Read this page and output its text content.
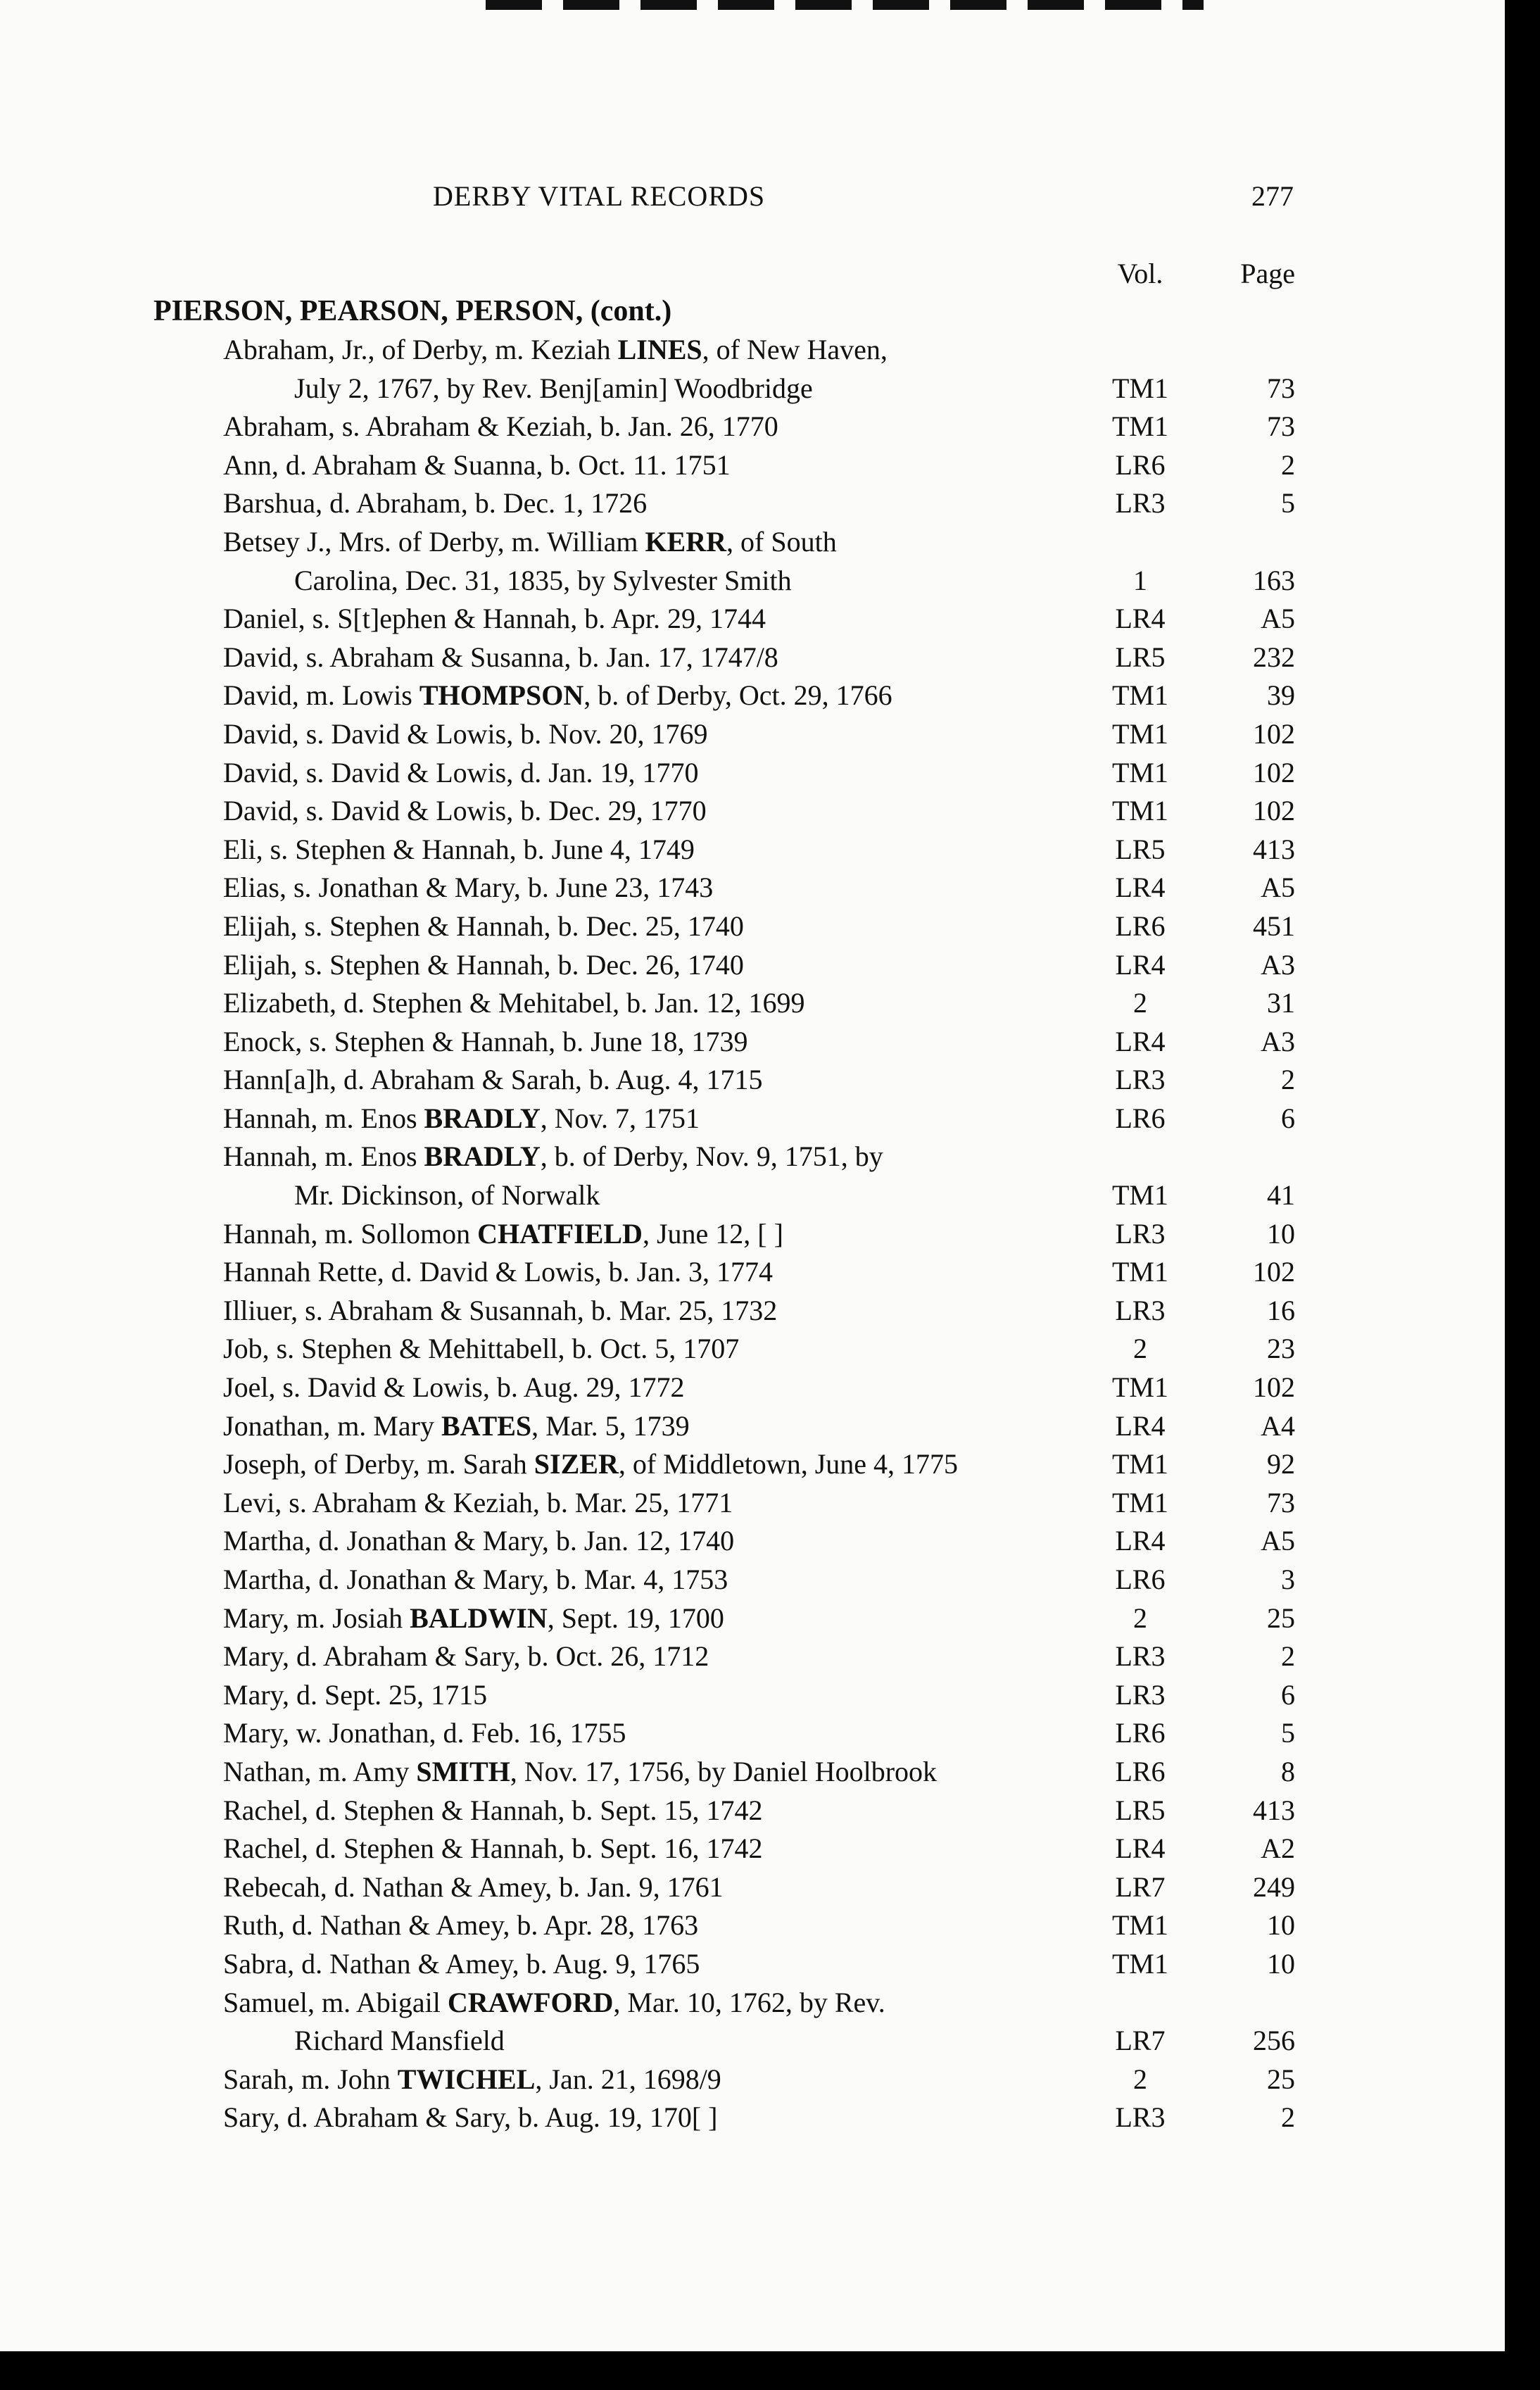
DERBY VITAL RECORDS	277
Vol.	Page
PIERSON, PEARSON, PERSON, (cont.)
Abraham, Jr., of Derby, m. Keziah LINES, of New Haven,
July 2, 1767, by Rev. Benj[amin] Woodbridge	TM1	73
Abraham, s. Abraham & Keziah, b. Jan. 26, 1770	TM1	73
Ann, d. Abraham & Suanna, b. Oct. 11. 1751	LR6	2
Barshua, d. Abraham, b. Dec. 1, 1726	LR3	5
Betsey J., Mrs. of Derby, m. William KERR, of South
Carolina, Dec. 31, 1835, by Sylvester Smith	1	163
Daniel, s. S[t]ephen & Hannah, b. Apr. 29, 1744	LR4	A5
David, s. Abraham & Susanna, b. Jan. 17, 1747/8	LR5	232
David, m. Lowis THOMPSON, b. of Derby, Oct. 29, 1766	TM1	39
David, s. David & Lowis, b. Nov. 20, 1769	TM1	102
David, s. David & Lowis, d. Jan. 19, 1770	TM1	102
David, s. David & Lowis, b. Dec. 29, 1770	TM1	102
Eli, s. Stephen & Hannah, b. June 4, 1749	LR5	413
Elias, s. Jonathan & Mary, b. June 23, 1743	LR4	A5
Elijah, s. Stephen & Hannah, b. Dec. 25, 1740	LR6	451
Elijah, s. Stephen & Hannah, b. Dec. 26, 1740	LR4	A3
Elizabeth, d. Stephen & Mehitabel, b. Jan. 12, 1699	2	31
Enock, s. Stephen & Hannah, b. June 18, 1739	LR4	A3
Hann[a]h, d. Abraham & Sarah, b. Aug. 4, 1715	LR3	2
Hannah, m. Enos BRADLY, Nov. 7, 1751	LR6	6
Hannah, m. Enos BRADLY, b. of Derby, Nov. 9, 1751, by
Mr. Dickinson, of Norwalk	TM1	41
Hannah, m. Sollomon CHATFIELD, June 12, [ ]	LR3	10
Hannah Rette, d. David & Lowis, b. Jan. 3, 1774	TM1	102
Illiuer, s. Abraham & Susannah, b. Mar. 25, 1732	LR3	16
Job, s. Stephen & Mehittabell, b. Oct. 5, 1707	2	23
Joel, s. David & Lowis, b. Aug. 29, 1772	TM1	102
Jonathan, m. Mary BATES, Mar. 5, 1739	LR4	A4
Joseph, of Derby, m. Sarah SIZER, of Middletown, June 4, 1775	TM1	92
Levi, s. Abraham & Keziah, b. Mar. 25, 1771	TM1	73
Martha, d. Jonathan & Mary, b. Jan. 12, 1740	LR4	A5
Martha, d. Jonathan & Mary, b. Mar. 4, 1753	LR6	3
Mary, m. Josiah BALDWIN, Sept. 19, 1700	2	25
Mary, d. Abraham & Sary, b. Oct. 26, 1712	LR3	2
Mary, d. Sept. 25, 1715	LR3	6
Mary, w. Jonathan, d. Feb. 16, 1755	LR6	5
Nathan, m. Amy SMITH, Nov. 17, 1756, by Daniel Hoolbrook	LR6	8
Rachel, d. Stephen & Hannah, b. Sept. 15, 1742	LR5	413
Rachel, d. Stephen & Hannah, b. Sept. 16, 1742	LR4	A2
Rebecah, d. Nathan & Amey, b. Jan. 9, 1761	LR7	249
Ruth, d. Nathan & Amey, b. Apr. 28, 1763	TM1	10
Sabra, d. Nathan & Amey, b. Aug. 9, 1765	TM1	10
Samuel, m. Abigail CRAWFORD, Mar. 10, 1762, by Rev.
Richard Mansfield	LR7	256
Sarah, m. John TWICHEL, Jan. 21, 1698/9	2	25
Sary, d. Abraham & Sary, b. Aug. 19, 170[ ]	LR3	2
